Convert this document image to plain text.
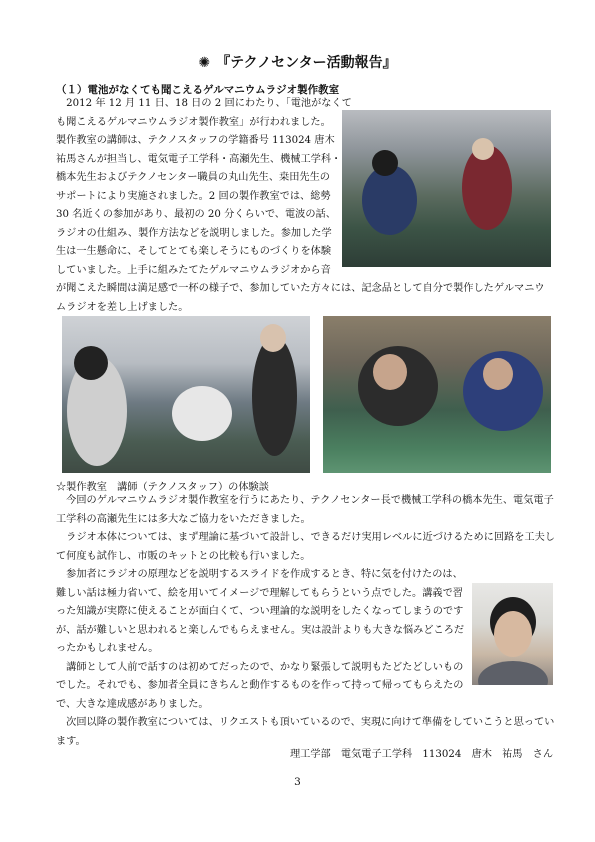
✺ 『テクノセンター活動報告』
（１）電池がなくても聞こえるゲルマニウムラジオ製作教室
　2012 年 12 月 11 日、18 日の 2 回にわたり、「電池がなくて
も聞こえるゲルマニウムラジオ製作教室」が行われました。
製作教室の講師は、テクノスタッフの学籍番号 113024 唐木
祐馬さんが担当し、電気電子工学科・高瀬先生、機械工学科・
橋本先生およびテクノセンター職員の丸山先生、桒田先生の
サポートにより実施されました。2 回の製作教室では、総勢
30 名近くの参加があり、最初の 20 分くらいで、電波の話、
ラジオの仕組み、製作方法などを説明しました。参加した学
生は一生懸命に、そしてとても楽しそうにものづくりを体験
していました。上手に組みたてたゲルマニウムラジオから音
が聞こえた瞬間は満足感で一杯の様子で、参加していた方々には、記念品として自分で製作したゲルマニウ
ムラジオを差し上げました。
☆製作教室　講師（テクノスタッフ）の体験談
　今回のゲルマニウムラジオ製作教室を行うにあたり、テクノセンター長で機械工学科の橋本先生、電気電子
工学科の高瀬先生には多大なご協力をいただきました。
　ラジオ本体については、まず理論に基づいて設計し、できるだけ実用レベルに近づけるために回路を工夫し
て何度も試作し、市販のキットとの比較も行いました。
　参加者にラジオの原理などを説明するスライドを作成するとき、特に気を付けたのは、
難しい話は極力省いて、絵を用いてイメージで理解してもらうという点でした。講義で習
った知識が実際に使えることが面白くて、つい理論的な説明をしたくなってしまうのです
が、話が難しいと思われると楽しんでもらえません。実は設計よりも大きな悩みどころだ
ったかもしれません。
　講師として人前で話すのは初めてだったので、かなり緊張して説明もたどたどしいもの
でした。それでも、参加者全員にきちんと動作するものを作って持って帰ってもらえたの
で、大きな達成感がありました。
　次回以降の製作教室については、リクエストも頂いているので、実現に向けて準備をしていこうと思ってい
ます。
理工学部　電気電子工学科　113024　唐木　祐馬　さん
3
